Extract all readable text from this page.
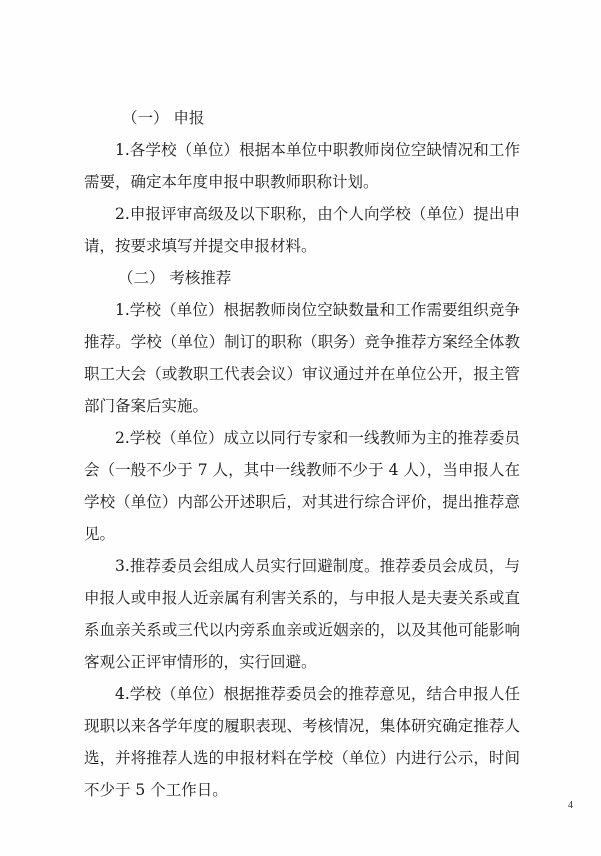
（一） 申报
1.各学校（单位）根据本单位中职教师岗位空缺情况和工作
需要，确定本年度申报中职教师职称计划。
2.申报评审高级及以下职称，由个人向学校（单位）提出申
请，按要求填写并提交申报材料。
（二） 考核推荐
1.学校（单位）根据教师岗位空缺数量和工作需要组织竞争
推荐。学校（单位）制订的职称（职务）竞争推荐方案经全体教
职工大会（或教职工代表会议）审议通过并在单位公开，报主管
部门备案后实施。
2.学校（单位）成立以同行专家和一线教师为主的推荐委员
会（一般不少于 7 人，其中一线教师不少于 4 人），当申报人在
学校（单位）内部公开述职后，对其进行综合评价，提出推荐意
见。
3.推荐委员会组成人员实行回避制度。推荐委员会成员，与
申报人或申报人近亲属有利害关系的，与申报人是夫妻关系或直
系血亲关系或三代以内旁系血亲或近姻亲的，以及其他可能影响
客观公正评审情形的，实行回避。
4.学校（单位）根据推荐委员会的推荐意见，结合申报人任
现职以来各学年度的履职表现、考核情况，集体研究确定推荐人
选，并将推荐人选的申报材料在学校（单位）内进行公示，时间
不少于 5 个工作日。
4
